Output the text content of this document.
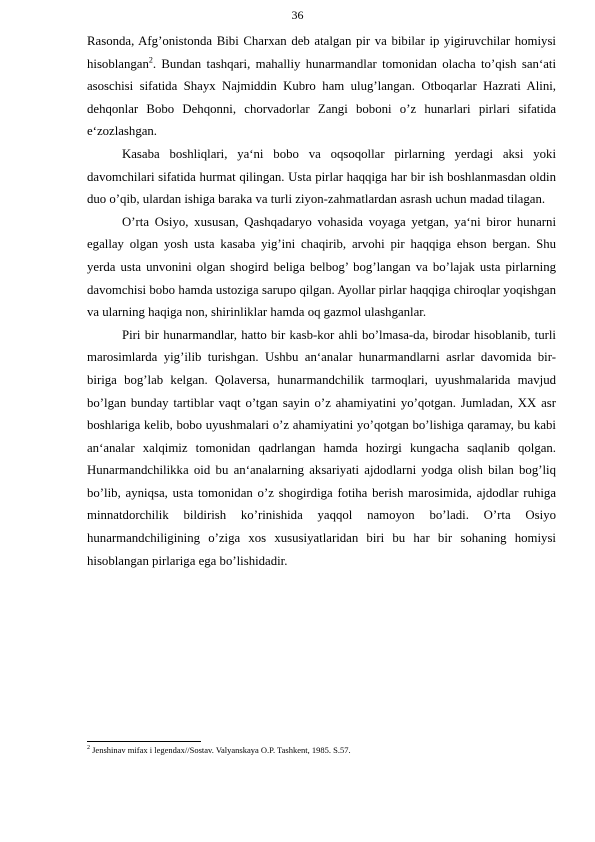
36

Rasonda, Afg’onistonda Bibi Charxan deb atalgan pir va bibilar ip yigiruvchilar homiysi hisoblangan$^2$. Bundan tashqari, mahalliy hunarmandlar tomonidan olacha to’qish san‘ati asoschisi sifatida Shayx Najmiddin Kubro ham ulug’langan. Otboqarlar Hazrati Alini, dehqonlar Bobo Dehqonni, chorvadorlar Zangi boboni o’z hunarlari pirlari sifatida e‘zozlashgan.

Kasaba boshliqlari, ya‘ni bobo va oqsoqollar pirlarning yerdagi aksi yoki davomchilari sifatida hurmat qilingan. Usta pirlar haqqiga har bir ish boshlanmasdan oldin duo o’qib, ulardan ishiga baraka va turli ziyon-zahmatlardan asrash uchun madad tilagan.

O’rta Osiyo, xususan, Qashqadaryo vohasida voyaga yetgan, ya‘ni biror hunarni egallay olgan yosh usta kasaba yig’ini chaqirib, arvohi pir haqqiga ehson bergan. Shu yerda usta unvonini olgan shogird beliga belbog’ bog’langan va bo’lajak usta pirlarning davomchisi bobo hamda ustoziga sarupo qilgan. Ayollar pirlar haqqiga chiroqlar yoqishgan va ularning haqiga non, shirinliklar hamda oq gazmol ulashganlar.

Piri bir hunarmandlar, hatto bir kasb-kor ahli bo’lmasa-da, birodar hisoblanib, turli marosimlarda yig’ilib turishgan. Ushbu an‘analar hunarmandlarni asrlar davomida bir-biriga bog’lab kelgan. Qolaversa, hunarmandchilik tarmoqlari, uyushmalarida mavjud bo’lgan bunday tartiblar vaqt o’tgan sayin o’z ahamiyatini yo’qotgan. Jumladan, XX asr boshlariga kelib, bobo uyushmalari o’z ahamiyatini yo’qotgan bo’lishiga qaramay, bu kabi an‘analar xalqimiz tomonidan qadrlangan hamda hozirgi kungacha saqlanib qolgan. Hunarmandchilikka oid bu an‘analarning aksariyati ajdodlarni yodga olish bilan bog’liq bo’lib, ayniqsa, usta tomonidan o’z shogirdiga fotiha berish marosimida, ajdodlar ruhiga minnatdorchilik bildirish ko’rinishida yaqqol namoyon bo’ladi. O’rta Osiyo hunarmandchiligining o’ziga xos xususiyatlaridan biri bu har bir sohaning homiysi hisoblangan pirlariga ega bo’lishidadir.

$^2$ Jenshinav mifax i legendax//Sostav. Valyanskaya O.P. Tashkent, 1985. S.57.
